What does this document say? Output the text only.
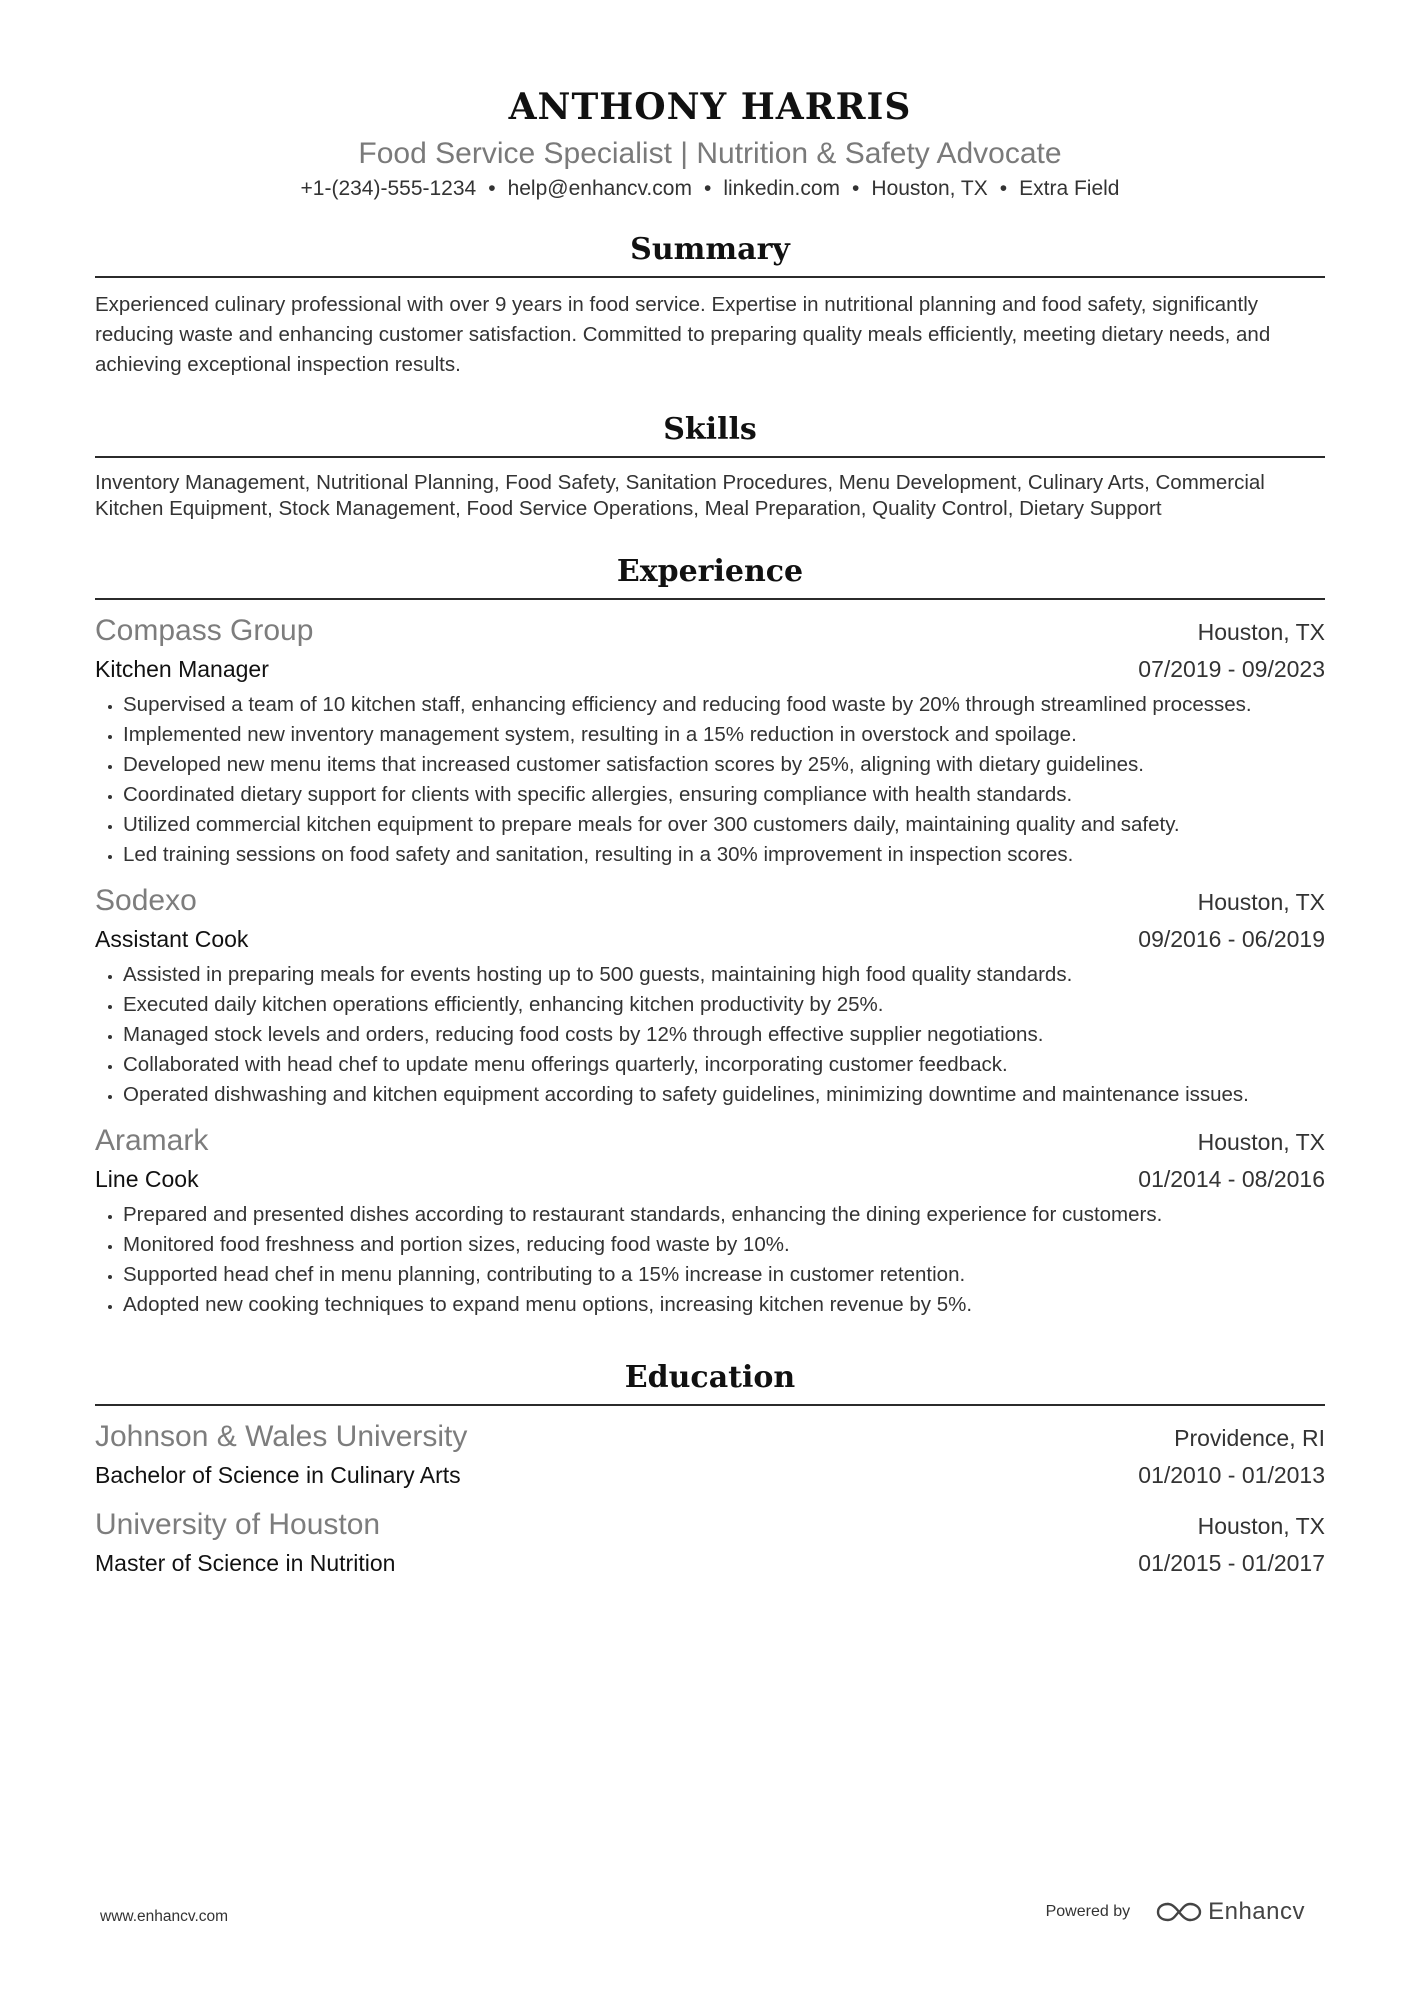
ANTHONY HARRIS
Food Service Specialist | Nutrition & Safety Advocate
+1-(234)-555-1234 • help@enhancv.com • linkedin.com • Houston, TX • Extra Field
Summary
Experienced culinary professional with over 9 years in food service. Expertise in nutritional planning and food safety, significantly reducing waste and enhancing customer satisfaction. Committed to preparing quality meals efficiently, meeting dietary needs, and achieving exceptional inspection results.
Skills
Inventory Management, Nutritional Planning, Food Safety, Sanitation Procedures, Menu Development, Culinary Arts, Commercial Kitchen Equipment, Stock Management, Food Service Operations, Meal Preparation, Quality Control, Dietary Support
Experience
Compass Group	Houston, TX
Kitchen Manager	07/2019 - 09/2023
• Supervised a team of 10 kitchen staff, enhancing efficiency and reducing food waste by 20% through streamlined processes.
• Implemented new inventory management system, resulting in a 15% reduction in overstock and spoilage.
• Developed new menu items that increased customer satisfaction scores by 25%, aligning with dietary guidelines.
• Coordinated dietary support for clients with specific allergies, ensuring compliance with health standards.
• Utilized commercial kitchen equipment to prepare meals for over 300 customers daily, maintaining quality and safety.
• Led training sessions on food safety and sanitation, resulting in a 30% improvement in inspection scores.
Sodexo	Houston, TX
Assistant Cook	09/2016 - 06/2019
• Assisted in preparing meals for events hosting up to 500 guests, maintaining high food quality standards.
• Executed daily kitchen operations efficiently, enhancing kitchen productivity by 25%.
• Managed stock levels and orders, reducing food costs by 12% through effective supplier negotiations.
• Collaborated with head chef to update menu offerings quarterly, incorporating customer feedback.
• Operated dishwashing and kitchen equipment according to safety guidelines, minimizing downtime and maintenance issues.
Aramark	Houston, TX
Line Cook	01/2014 - 08/2016
• Prepared and presented dishes according to restaurant standards, enhancing the dining experience for customers.
• Monitored food freshness and portion sizes, reducing food waste by 10%.
• Supported head chef in menu planning, contributing to a 15% increase in customer retention.
• Adopted new cooking techniques to expand menu options, increasing kitchen revenue by 5%.
Education
Johnson & Wales University	Providence, RI
Bachelor of Science in Culinary Arts	01/2010 - 01/2013
University of Houston	Houston, TX
Master of Science in Nutrition	01/2015 - 01/2017
www.enhancv.com	Powered by	Enhancv
